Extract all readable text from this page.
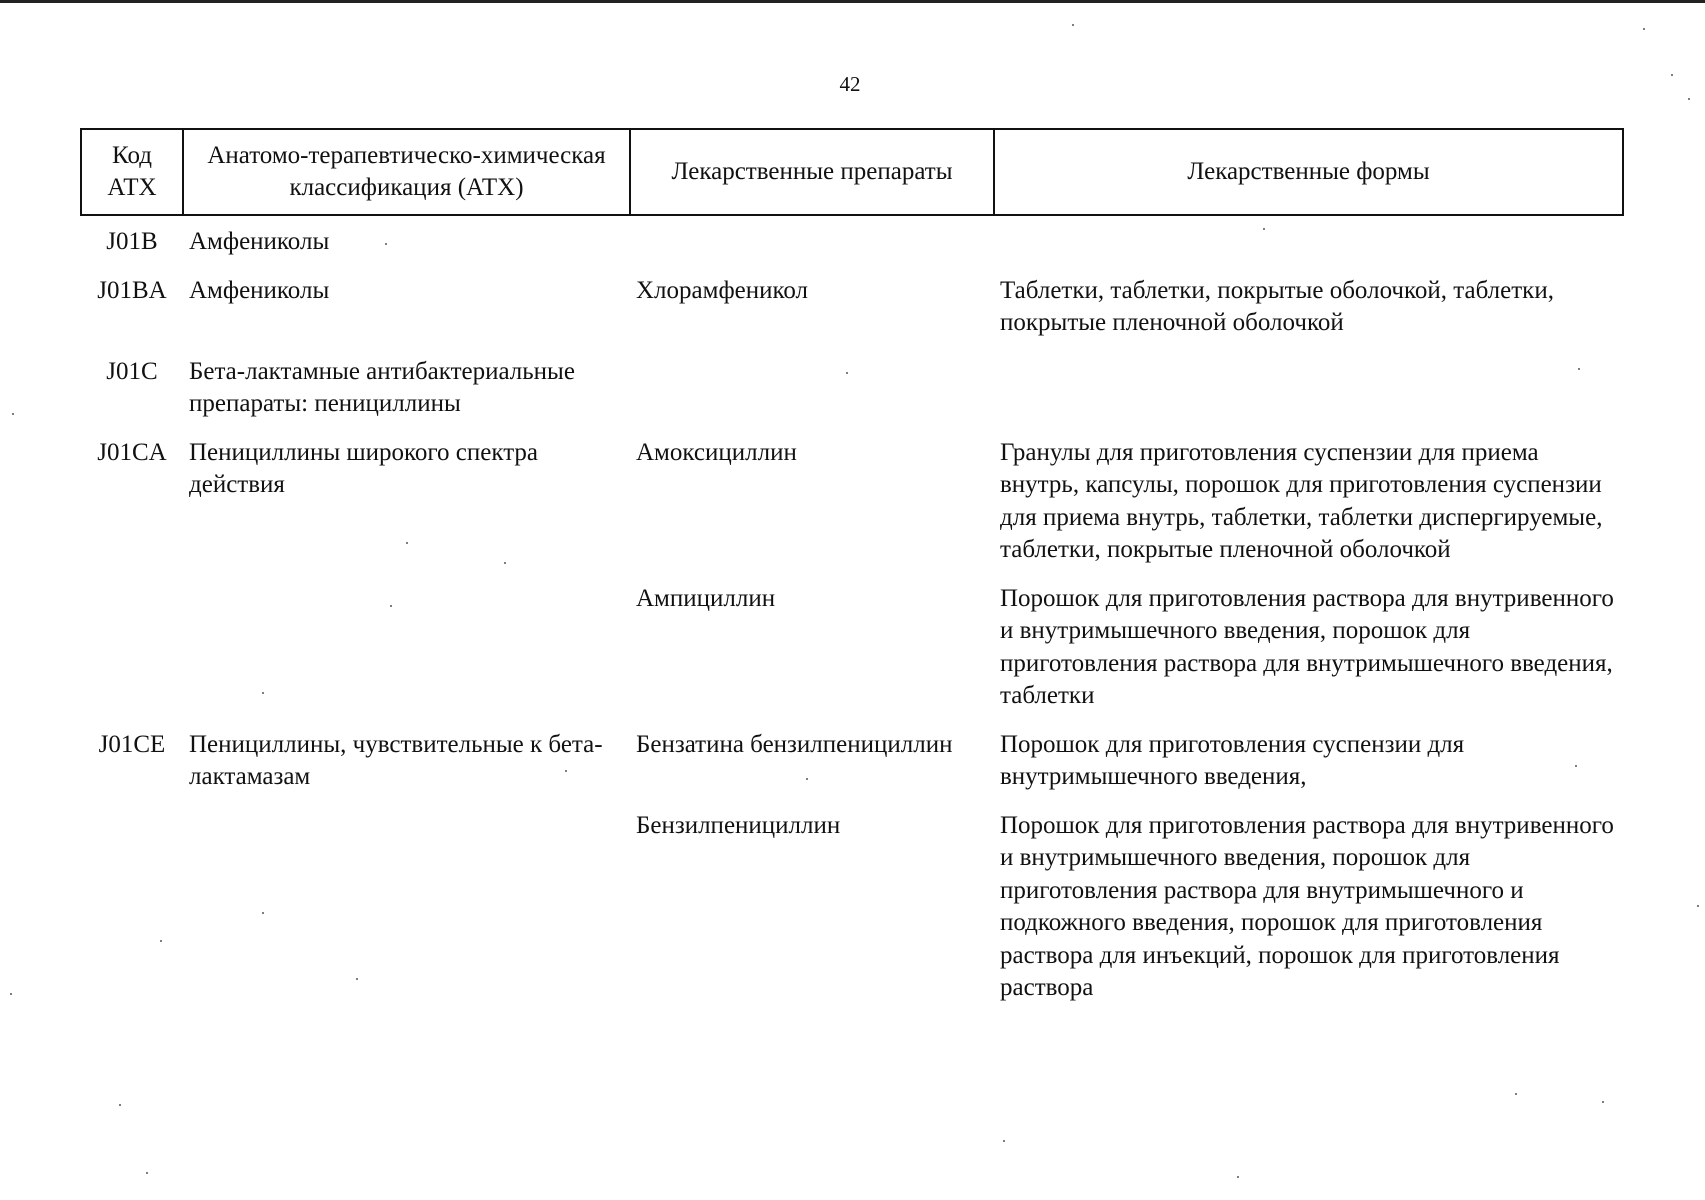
42
Код АТХ	Анатомо-терапевтическо-химическая классификация (АТХ)	Лекарственные препараты	Лекарственные формы
J01B	Амфениколы		
J01BA	Амфениколы	Хлорамфеникол	Таблетки, таблетки, покрытые оболочкой, таблетки, покрытые пленочной оболочкой
J01C	Бета-лактамные антибактериальные препараты: пенициллины		
J01CA	Пенициллины широкого спектра действия	Амоксициллин	Гранулы для приготовления суспензии для приема внутрь, капсулы, порошок для приготовления суспензии для приема внутрь, таблетки, таблетки диспергируемые, таблетки, покрытые пленочной оболочкой
		Ампициллин	Порошок для приготовления раствора для внутривенного и внутримышечного введения, порошок для приготовления раствора для внутримышечного введения, таблетки
J01CE	Пенициллины, чувствительные к бета-лактамазам	Бензатина бензилпенициллин	Порошок для приготовления суспензии для внутримышечного введения,
		Бензилпенициллин	Порошок для приготовления раствора для внутривенного и внутримышечного введения, порошок для приготовления раствора для внутримышечного и подкожного введения, порошок для приготовления раствора для инъекций, порошок для приготовления раствора
